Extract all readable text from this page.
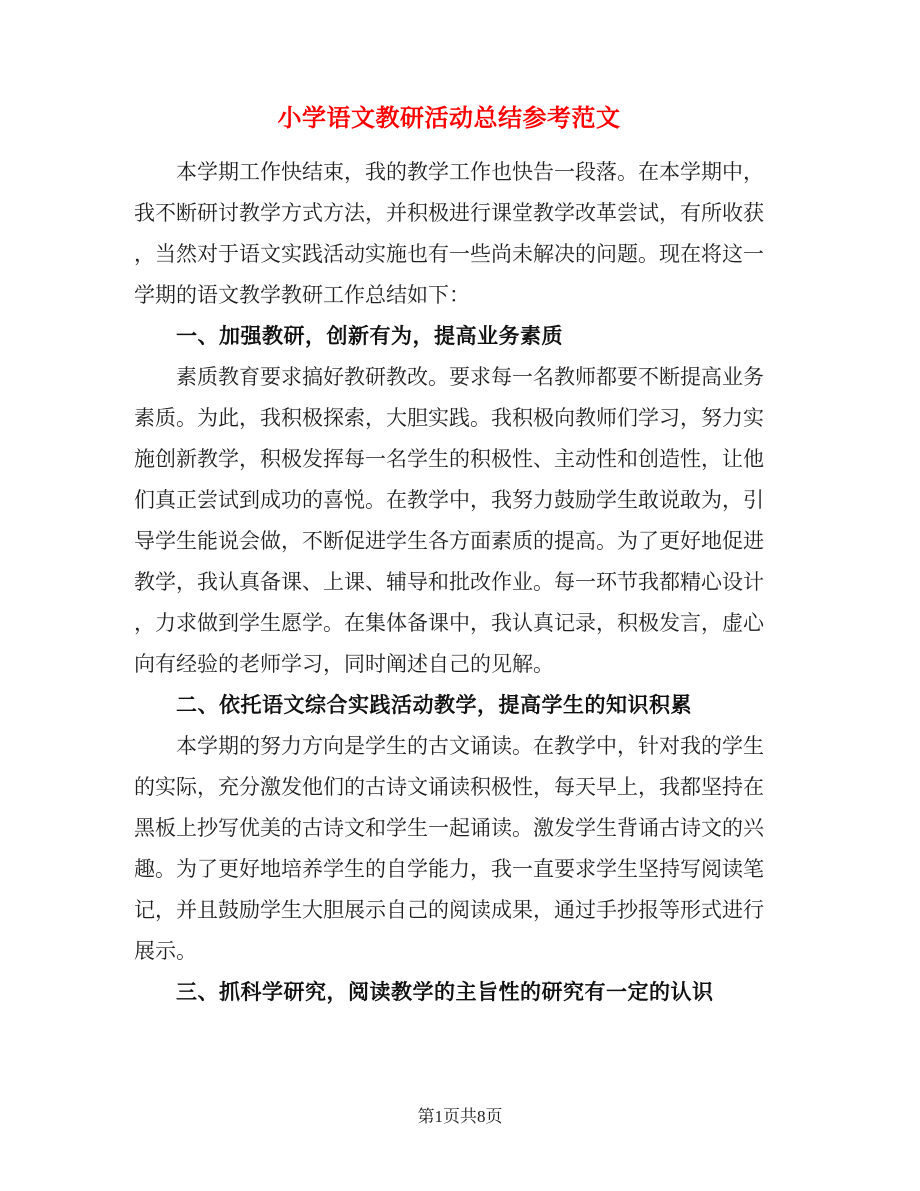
小学语文教研活动总结参考范文

本学期工作快结束，我的教学工作也快告一段落。在本学期中，我不断研讨教学方式方法，并积极进行课堂教学改革尝试，有所收获，当然对于语文实践活动实施也有一些尚未解决的问题。现在将这一学期的语文教学教研工作总结如下：

一、加强教研，创新有为，提高业务素质

素质教育要求搞好教研教改。要求每一名教师都要不断提高业务素质。为此，我积极探索，大胆实践。我积极向教师们学习，努力实施创新教学，积极发挥每一名学生的积极性、主动性和创造性，让他们真正尝试到成功的喜悦。在教学中，我努力鼓励学生敢说敢为，引导学生能说会做，不断促进学生各方面素质的提高。为了更好地促进教学，我认真备课、上课、辅导和批改作业。每一环节我都精心设计，力求做到学生愿学。在集体备课中，我认真记录，积极发言，虚心向有经验的老师学习，同时阐述自己的见解。

二、依托语文综合实践活动教学，提高学生的知识积累

本学期的努力方向是学生的古文诵读。在教学中，针对我的学生的实际，充分激发他们的古诗文诵读积极性，每天早上，我都坚持在黑板上抄写优美的古诗文和学生一起诵读。激发学生背诵古诗文的兴趣。为了更好地培养学生的自学能力，我一直要求学生坚持写阅读笔记，并且鼓励学生大胆展示自己的阅读成果，通过手抄报等形式进行展示。

三、抓科学研究，阅读教学的主旨性的研究有一定的认识

第1页共8页
